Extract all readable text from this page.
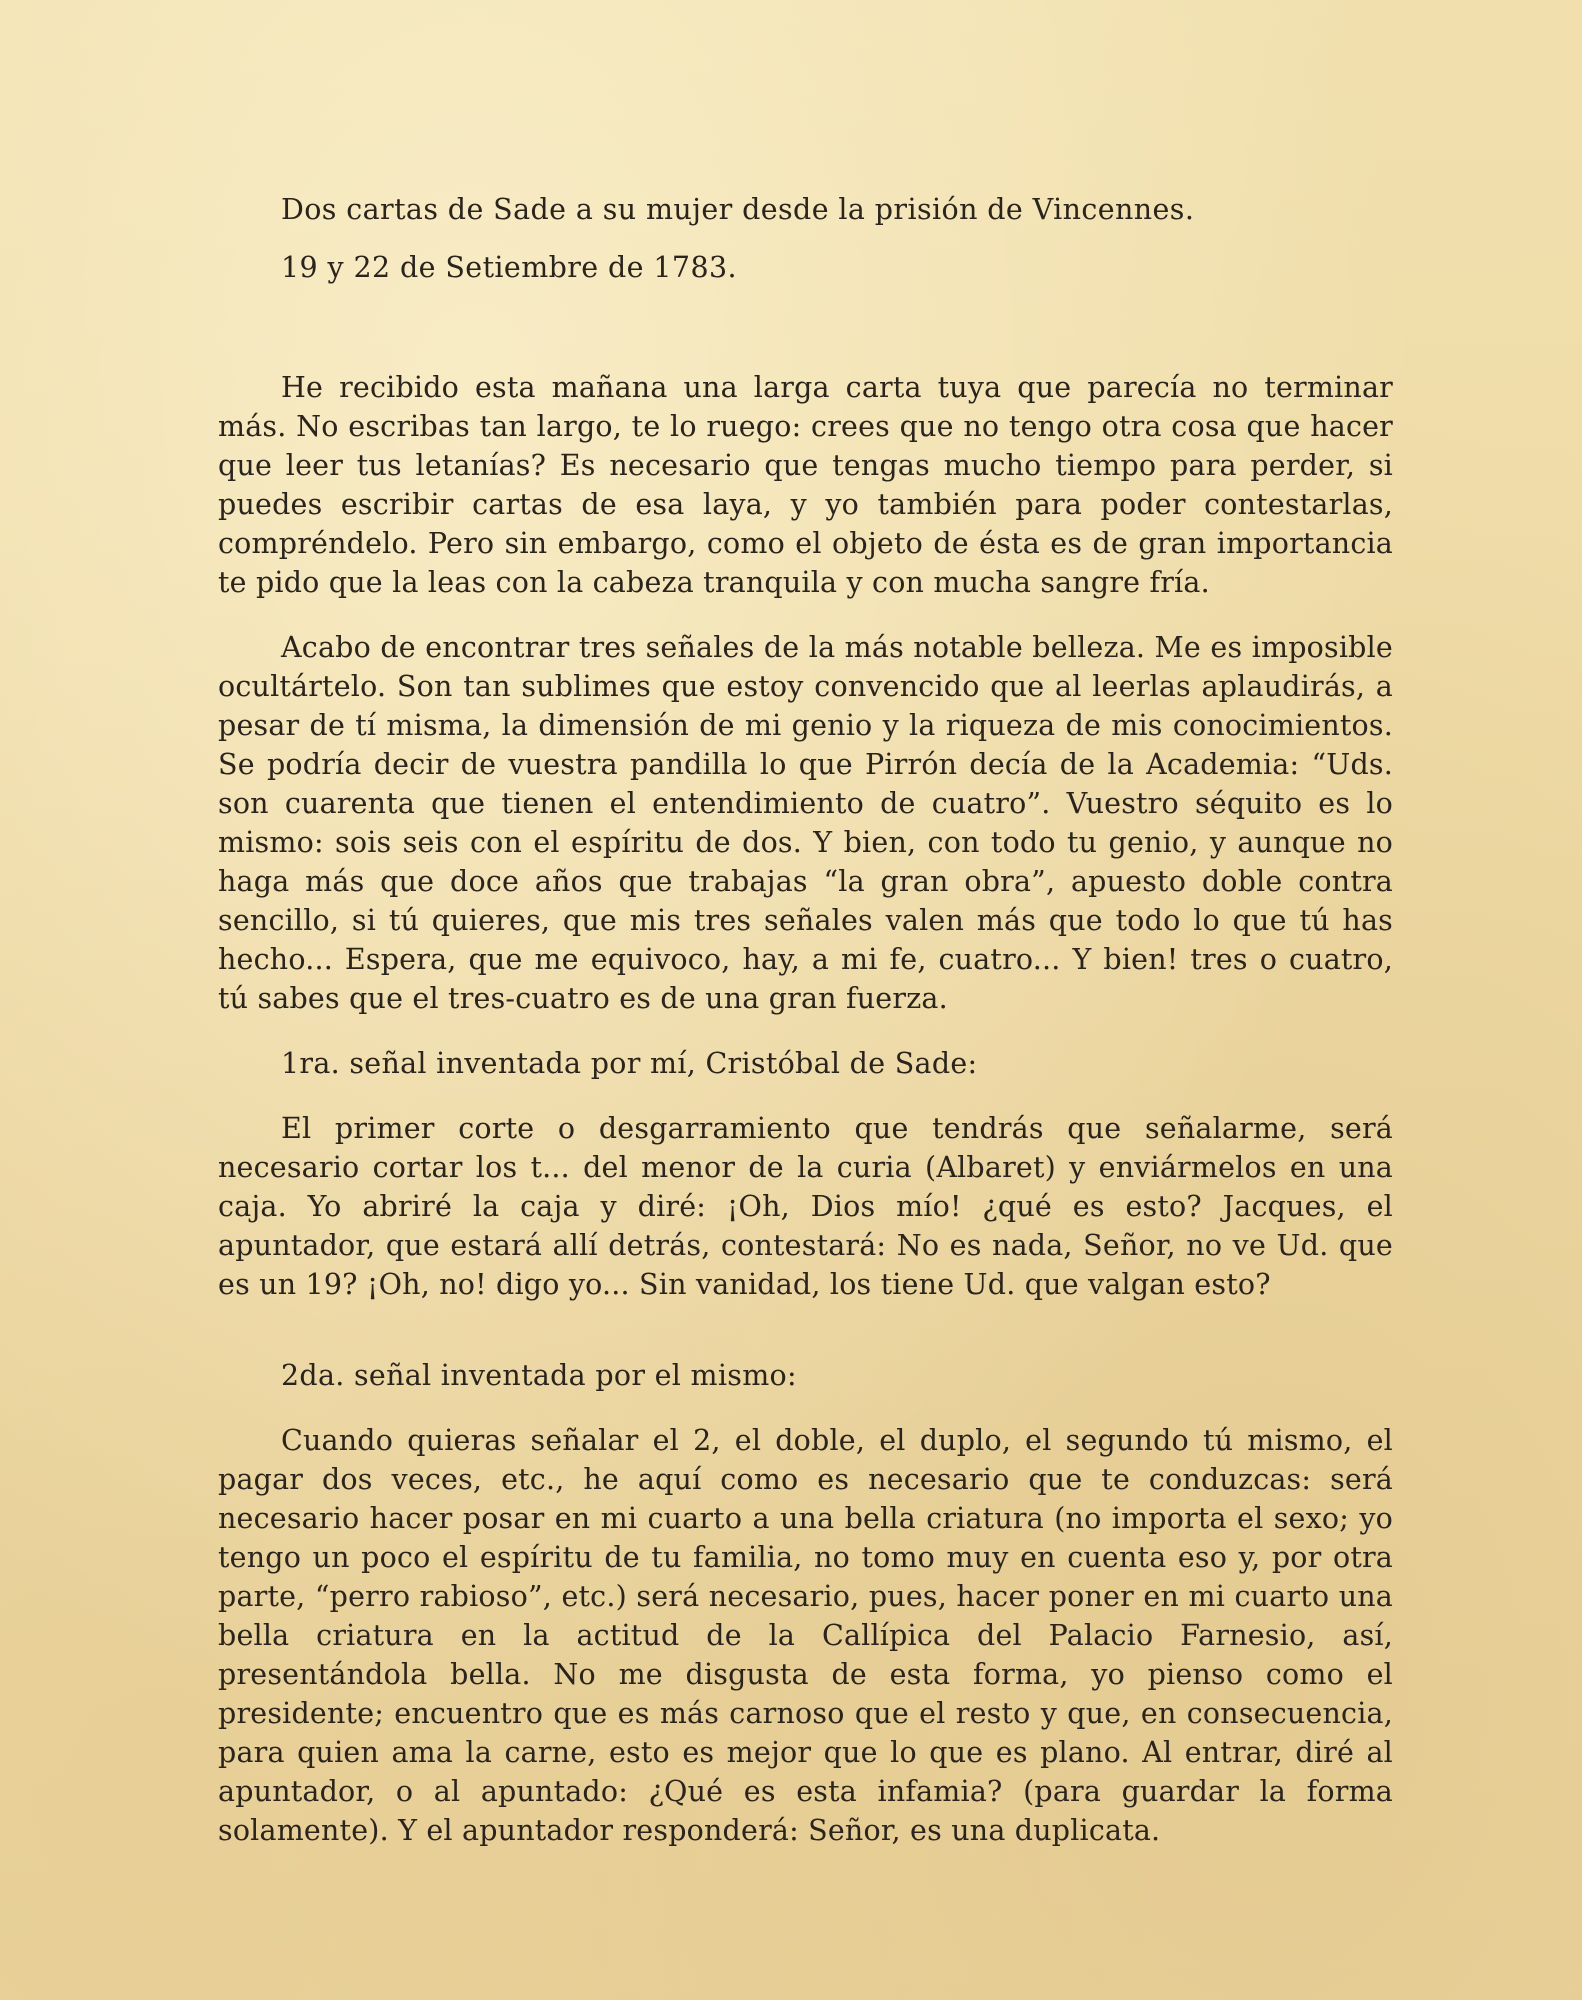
Dos cartas de Sade a su mujer desde la prisión de Vincennes.

19 y 22 de Setiembre de 1783.

He recibido esta mañana una larga carta tuya que parecía no terminar más. No escribas tan largo, te lo ruego: crees que no tengo otra cosa que hacer que leer tus letanías? Es necesario que tengas mucho tiempo para perder, si puedes escribir cartas de esa laya, y yo también para poder contestarlas, compréndelo. Pero sin embargo, como el objeto de ésta es de gran importancia te pido que la leas con la cabeza tranquila y con mucha sangre fría.

Acabo de encontrar tres señales de la más notable belleza. Me es imposible ocultártelo. Son tan sublimes que estoy convencido que al leerlas aplaudirás, a pesar de tí misma, la dimensión de mi genio y la riqueza de mis conocimientos. Se podría decir de vuestra pandilla lo que Pirrón decía de la Academia: “Uds. son cuarenta que tienen el entendimiento de cuatro”. Vuestro séquito es lo mismo: sois seis con el espíritu de dos. Y bien, con todo tu genio, y aunque no haga más que doce años que trabajas “la gran obra”, apuesto doble contra sencillo, si tú quieres, que mis tres señales valen más que todo lo que tú has hecho... Espera, que me equivoco, hay, a mi fe, cuatro... Y bien! tres o cuatro, tú sabes que el tres-cuatro es de una gran fuerza.

1ra. señal inventada por mí, Cristóbal de Sade:

El primer corte o desgarramiento que tendrás que señalarme, será necesario cortar los t... del menor de la curia (Albaret) y enviármelos en una caja. Yo abriré la caja y diré: ¡Oh, Dios mío! ¿qué es esto? Jacques, el apuntador, que estará allí detrás, contestará: No es nada, Señor, no ve Ud. que es un 19? ¡Oh, no! digo yo... Sin vanidad, los tiene Ud. que valgan esto?

2da. señal inventada por el mismo:

Cuando quieras señalar el 2, el doble, el duplo, el segundo tú mismo, el pagar dos veces, etc., he aquí como es necesario que te conduzcas: será necesario hacer posar en mi cuarto a una bella criatura (no importa el sexo; yo tengo un poco el espíritu de tu familia, no tomo muy en cuenta eso y, por otra parte, “perro rabioso”, etc.) será necesario, pues, hacer poner en mi cuarto una bella criatura en la actitud de la Callípica del Palacio Farnesio, así, presentándola bella. No me disgusta de esta forma, yo pienso como el presidente; encuentro que es más carnoso que el resto y que, en consecuencia, para quien ama la carne, esto es mejor que lo que es plano. Al entrar, diré al apuntador, o al apuntado: ¿Qué es esta infamia? (para guardar la forma solamente). Y el apuntador responderá: Señor, es una duplicata.
